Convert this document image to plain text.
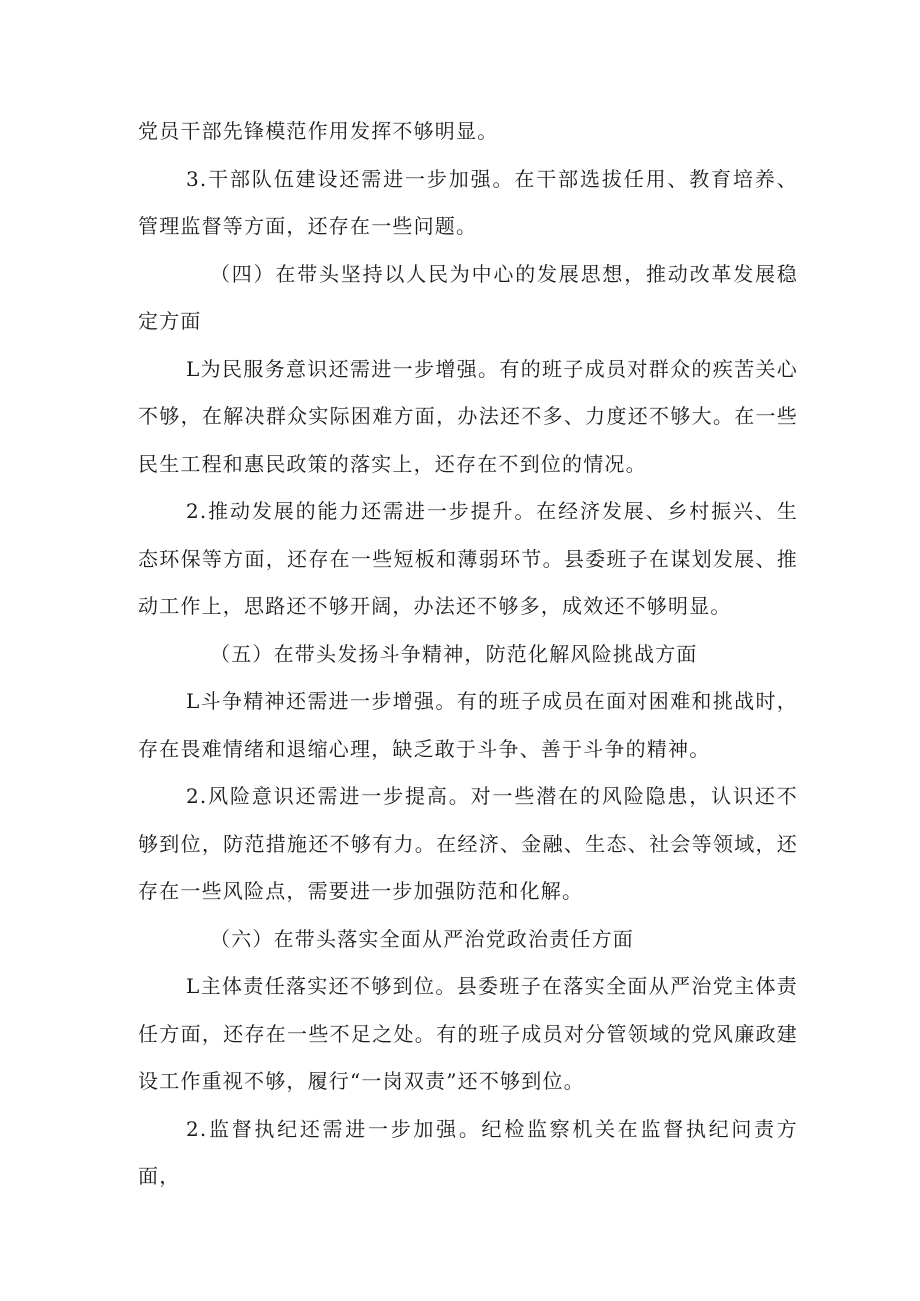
党员干部先锋模范作用发挥不够明显。

3.干部队伍建设还需进一步加强。在干部选拔任用、教育培养、管理监督等方面，还存在一些问题。

（四）在带头坚持以人民为中心的发展思想，推动改革发展稳定方面

L为民服务意识还需进一步增强。有的班子成员对群众的疾苦关心不够，在解决群众实际困难方面，办法还不多、力度还不够大。在一些民生工程和惠民政策的落实上，还存在不到位的情况。

2.推动发展的能力还需进一步提升。在经济发展、乡村振兴、生态环保等方面，还存在一些短板和薄弱环节。县委班子在谋划发展、推动工作上，思路还不够开阔，办法还不够多，成效还不够明显。

（五）在带头发扬斗争精神，防范化解风险挑战方面

L斗争精神还需进一步增强。有的班子成员在面对困难和挑战时，存在畏难情绪和退缩心理，缺乏敢于斗争、善于斗争的精神。

2.风险意识还需进一步提高。对一些潜在的风险隐患，认识还不够到位，防范措施还不够有力。在经济、金融、生态、社会等领域，还存在一些风险点，需要进一步加强防范和化解。

（六）在带头落实全面从严治党政治责任方面

L主体责任落实还不够到位。县委班子在落实全面从严治党主体责任方面，还存在一些不足之处。有的班子成员对分管领域的党风廉政建设工作重视不够，履行“一岗双责”还不够到位。

2.监督执纪还需进一步加强。纪检监察机关在监督执纪问责方面，
